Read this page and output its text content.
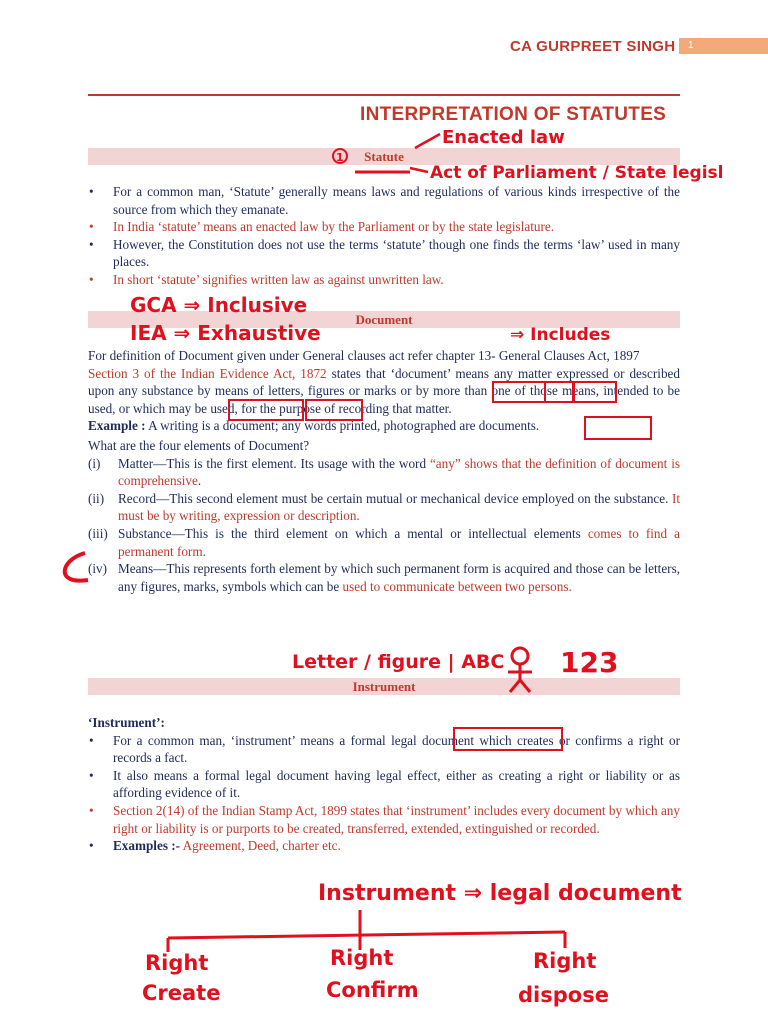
CA GURPREET SINGH 1
INTERPRETATION OF STATUTES
Statute
• For a common man, ‘Statute’ generally means laws and regulations of various kinds irrespective of the source from which they emanate.
• In India ‘statute’ means an enacted law by the Parliament or by the state legislature.
• However, the Constitution does not use the terms ‘statute’ though one finds the terms ‘law’ used in many places.
• In short ‘statute’ signifies written law as against unwritten law.
Document

For definition of Document given under General clauses act refer chapter 13- General Clauses Act, 1897

Section 3 of the Indian Evidence Act, 1872 states that ‘document’ means any matter expressed or described upon any substance by means of letters, figures or marks or by more than one of those means, intended to be used, or which may be used, for the purpose of recording that matter.

Example : A writing is a document; any words printed, photographed are documents.

What are the four elements of Document?

(i) Matter—This is the first element. Its usage with the word “any” shows that the definition of document is comprehensive.
(ii) Record—This second element must be certain mutual or mechanical device employed on the substance. It must be by writing, expression or description.
(iii) Substance—This is the third element on which a mental or intellectual elements comes to find a permanent form.
(iv) Means—This represents forth element by which such permanent form is acquired and those can be letters, any figures, marks, symbols which can be used to communicate between two persons.
Instrument

‘Instrument’:

• For a common man, ‘instrument’ means a formal legal document which creates or confirms a right or records a fact.
• It also means a formal legal document having legal effect, either as creating a right or liability or as affording evidence of it.
• Section 2(14) of the Indian Stamp Act, 1899 states that ‘instrument’ includes every document by which any right or liability is or purports to be created, transferred, extended, extinguished or recorded.
• Examples :- Agreement, Deed, charter etc.
Enacted law
1
Act of Parliament / State legisl
GCA ⇒ Inclusive
IEA ⇒ Exhaustive	⇒ Includes
Letter / figure | ABC 123
Instrument ⇒ legal document
Right
Create
Right
Confirm
Right
dispose
